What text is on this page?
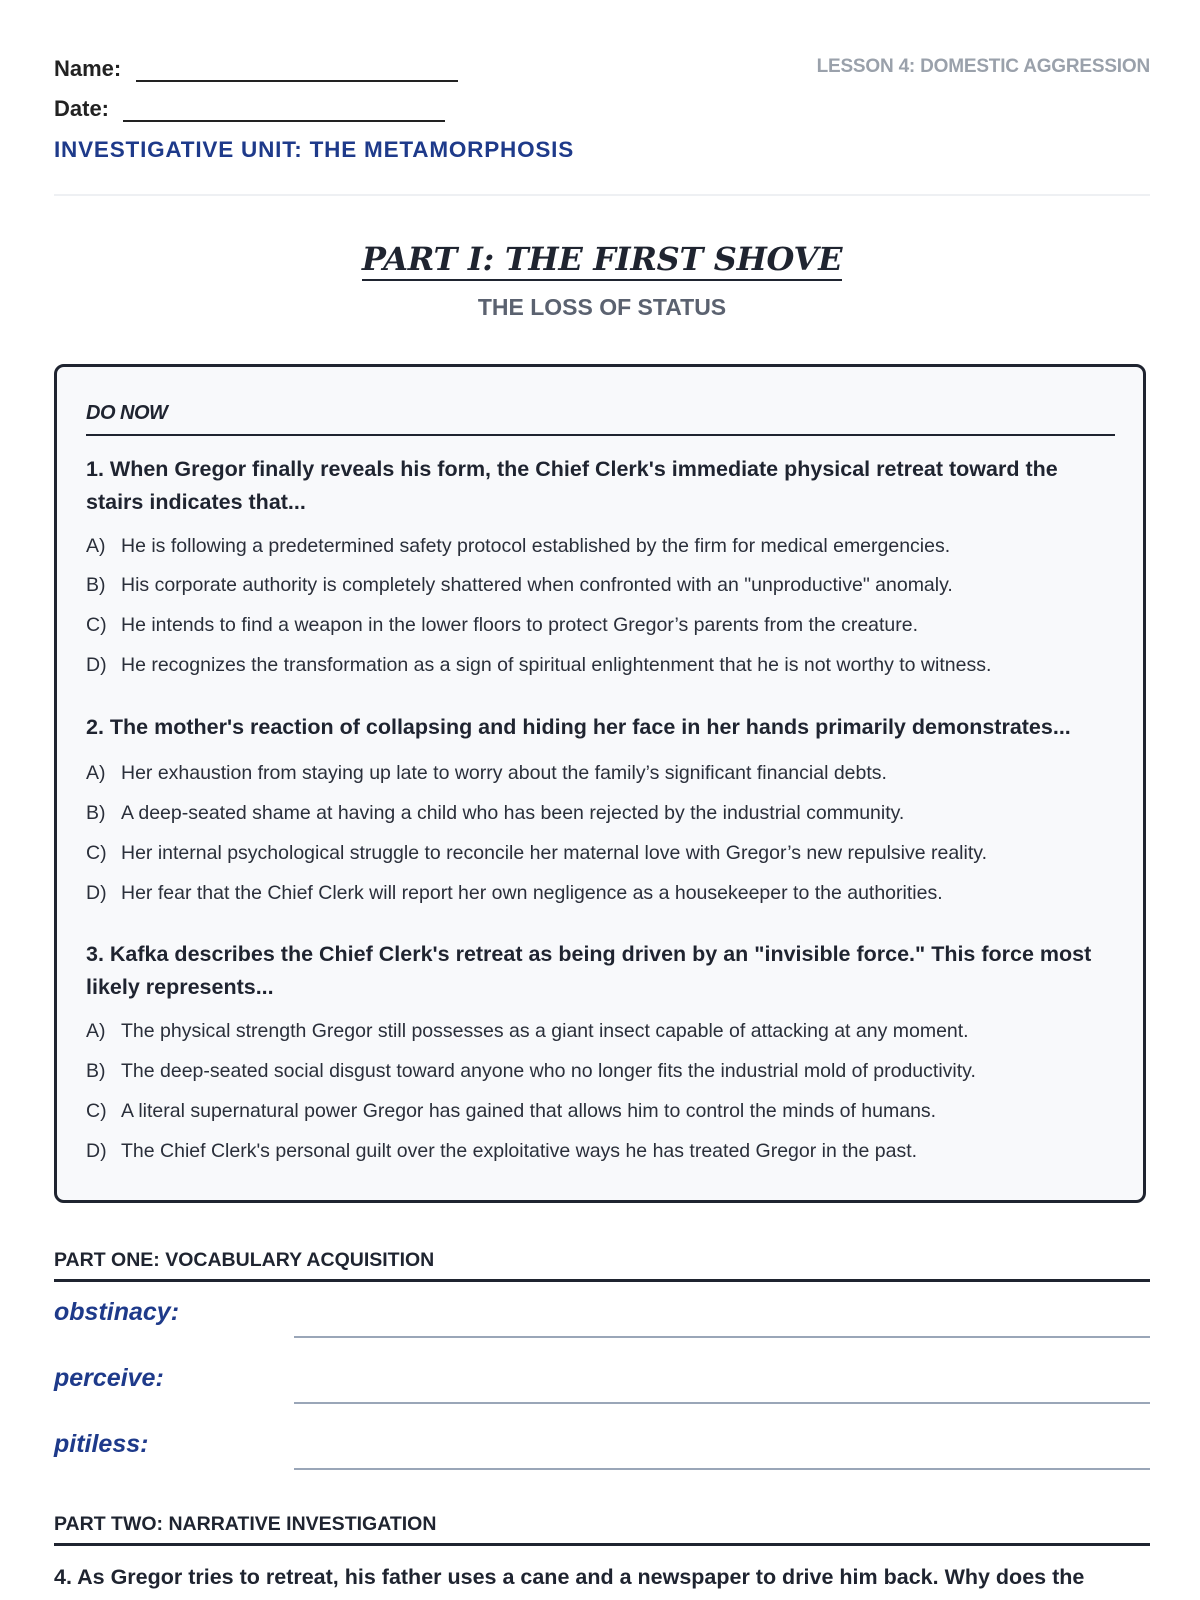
Name:
Date:
LESSON 4: DOMESTIC AGGRESSION
INVESTIGATIVE UNIT: THE METAMORPHOSIS
PART I: THE FIRST SHOVE
THE LOSS OF STATUS
DO NOW
1. When Gregor finally reveals his form, the Chief Clerk's immediate physical retreat toward the stairs indicates that...
A) He is following a predetermined safety protocol established by the firm for medical emergencies.
B) His corporate authority is completely shattered when confronted with an "unproductive" anomaly.
C) He intends to find a weapon in the lower floors to protect Gregor’s parents from the creature.
D) He recognizes the transformation as a sign of spiritual enlightenment that he is not worthy to witness.
2. The mother's reaction of collapsing and hiding her face in her hands primarily demonstrates...
A) Her exhaustion from staying up late to worry about the family’s significant financial debts.
B) A deep-seated shame at having a child who has been rejected by the industrial community.
C) Her internal psychological struggle to reconcile her maternal love with Gregor’s new repulsive reality.
D) Her fear that the Chief Clerk will report her own negligence as a housekeeper to the authorities.
3. Kafka describes the Chief Clerk's retreat as being driven by an "invisible force." This force most likely represents...
A) The physical strength Gregor still possesses as a giant insect capable of attacking at any moment.
B) The deep-seated social disgust toward anyone who no longer fits the industrial mold of productivity.
C) A literal supernatural power Gregor has gained that allows him to control the minds of humans.
D) The Chief Clerk's personal guilt over the exploitative ways he has treated Gregor in the past.
PART ONE: VOCABULARY ACQUISITION
obstinacy:
perceive:
pitiless:
PART TWO: NARRATIVE INVESTIGATION
4. As Gregor tries to retreat, his father uses a cane and a newspaper to drive him back. Why does the
